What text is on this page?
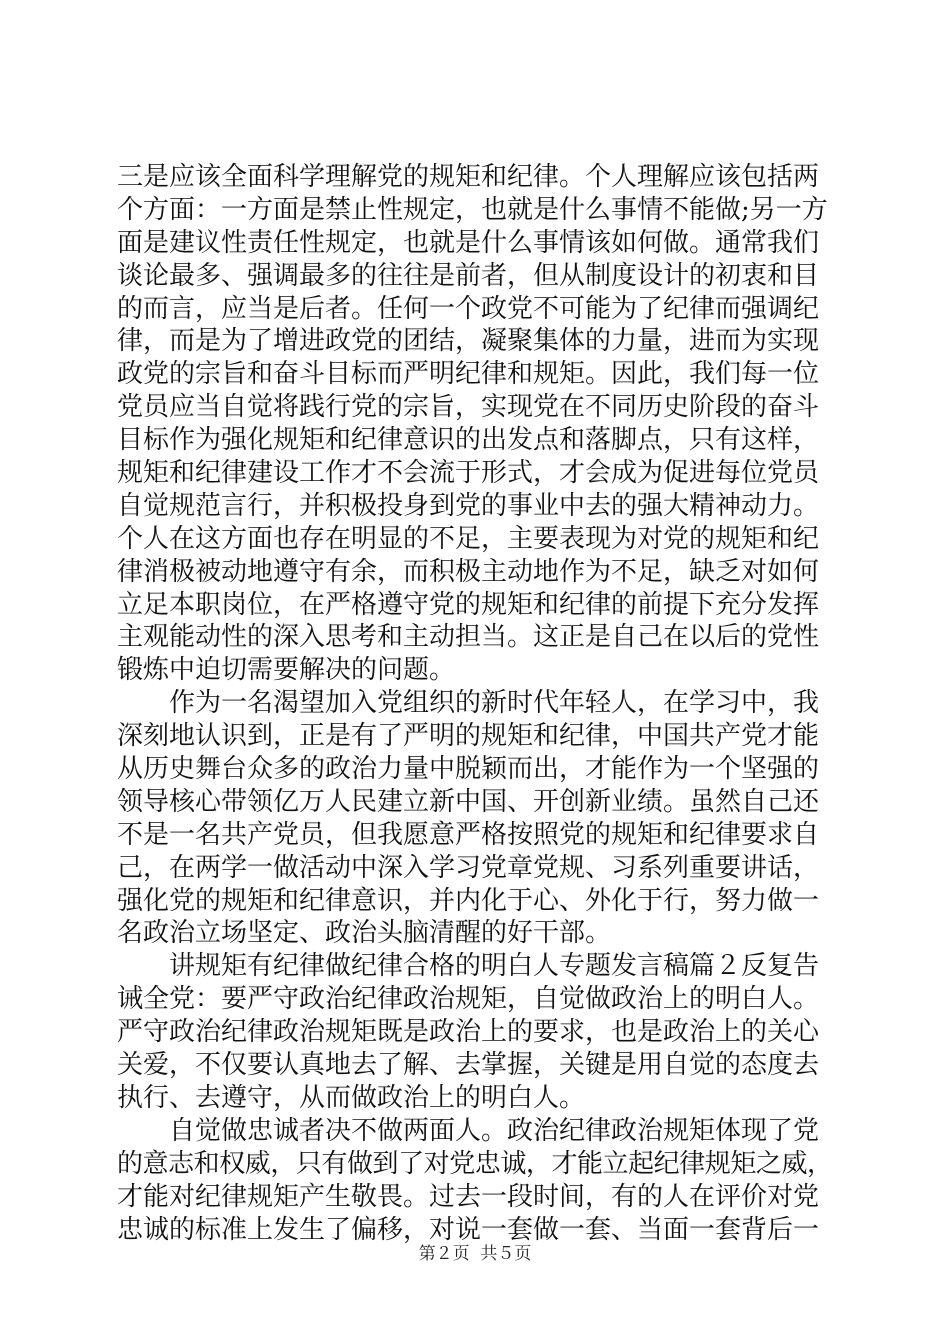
三是应该全面科学理解党的规矩和纪律。个人理解应该包括两
个方面：一方面是禁止性规定，也就是什么事情不能做;另一方
面是建议性责任性规定，也就是什么事情该如何做。通常我们
谈论最多、强调最多的往往是前者，但从制度设计的初衷和目
的而言，应当是后者。任何一个政党不可能为了纪律而强调纪
律，而是为了增进政党的团结，凝聚集体的力量，进而为实现
政党的宗旨和奋斗目标而严明纪律和规矩。因此，我们每一位
党员应当自觉将践行党的宗旨，实现党在不同历史阶段的奋斗
目标作为强化规矩和纪律意识的出发点和落脚点，只有这样，
规矩和纪律建设工作才不会流于形式，才会成为促进每位党员
自觉规范言行，并积极投身到党的事业中去的强大精神动力。
个人在这方面也存在明显的不足，主要表现为对党的规矩和纪
律消极被动地遵守有余，而积极主动地作为不足，缺乏对如何
立足本职岗位，在严格遵守党的规矩和纪律的前提下充分发挥
主观能动性的深入思考和主动担当。这正是自己在以后的党性
锻炼中迫切需要解决的问题。
　　作为一名渴望加入党组织的新时代年轻人，在学习中，我
深刻地认识到，正是有了严明的规矩和纪律，中国共产党才能
从历史舞台众多的政治力量中脱颖而出，才能作为一个坚强的
领导核心带领亿万人民建立新中国、开创新业绩。虽然自己还
不是一名共产党员，但我愿意严格按照党的规矩和纪律要求自
己，在两学一做活动中深入学习党章党规、习系列重要讲话，
强化党的规矩和纪律意识，并内化于心、外化于行，努力做一
名政治立场坚定、政治头脑清醒的好干部。
　　讲规矩有纪律做纪律合格的明白人专题发言稿篇２反复告
诫全党：要严守政治纪律政治规矩，自觉做政治上的明白人。
严守政治纪律政治规矩既是政治上的要求，也是政治上的关心
关爱，不仅要认真地去了解、去掌握，关键是用自觉的态度去
执行、去遵守，从而做政治上的明白人。
　　自觉做忠诚者决不做两面人。政治纪律政治规矩体现了党
的意志和权威，只有做到了对党忠诚，才能立起纪律规矩之威，
才能对纪律规矩产生敬畏。过去一段时间，有的人在评价对党
忠诚的标准上发生了偏移，对说一套做一套、当面一套背后一
第２页  共５页
